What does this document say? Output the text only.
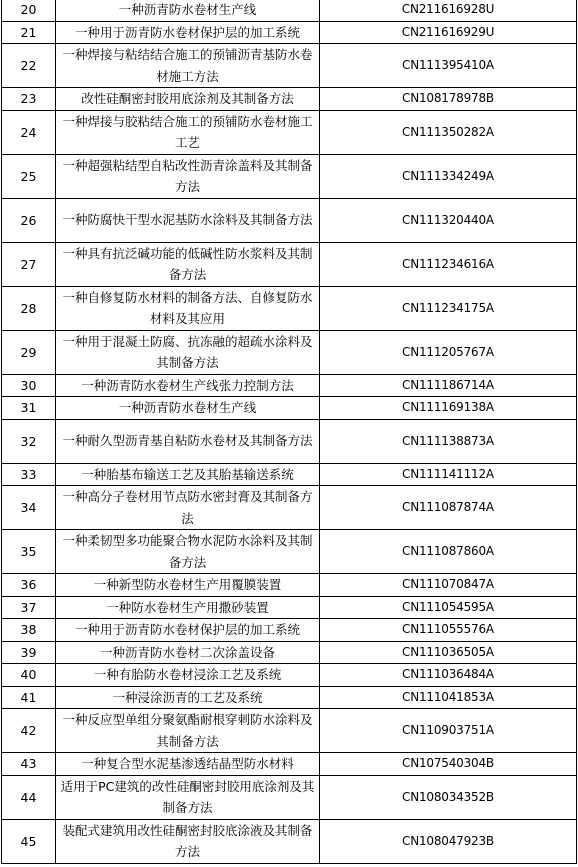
20	一种沥青防水卷材生产线	CN211616928U
21	一种用于沥青防水卷材保护层的加工系统	CN211616929U
22	一种焊接与粘结结合施工的预铺沥青基防水卷材施工方法	CN111395410A
23	改性硅酮密封胶用底涂剂及其制备方法	CN108178978B
24	一种焊接与胶粘结合施工的预铺防水卷材施工工艺	CN111350282A
25	一种超强粘结型自粘改性沥青涂盖料及其制备方法	CN111334249A
26	一种防腐快干型水泥基防水涂料及其制备方法	CN111320440A
27	一种具有抗泛碱功能的低碱性防水浆料及其制备方法	CN111234616A
28	一种自修复防水材料的制备方法、自修复防水材料及其应用	CN111234175A
29	一种用于混凝土防腐、抗冻融的超疏水涂料及其制备方法	CN111205767A
30	一种沥青防水卷材生产线张力控制方法	CN111186714A
31	一种沥青防水卷材生产线	CN111169138A
32	一种耐久型沥青基自粘防水卷材及其制备方法	CN111138873A
33	一种胎基布输送工艺及其胎基输送系统	CN111141112A
34	一种高分子卷材用节点防水密封膏及其制备方法	CN111087874A
35	一种柔韧型多功能聚合物水泥防水涂料及其制备方法	CN111087860A
36	一种新型防水卷材生产用覆膜装置	CN111070847A
37	一种防水卷材生产用撒砂装置	CN111054595A
38	一种用于沥青防水卷材保护层的加工系统	CN111055576A
39	一种沥青防水卷材二次涂盖设备	CN111036505A
40	一种有胎防水卷材浸涂工艺及系统	CN111036484A
41	一种浸涂沥青的工艺及系统	CN111041853A
42	一种反应型单组分聚氨酯耐根穿刺防水涂料及其制备方法	CN110903751A
43	一种复合型水泥基渗透结晶型防水材料	CN107540304B
44	适用于PC建筑的改性硅酮密封胶用底涂剂及其制备方法	CN108034352B
45	装配式建筑用改性硅酮密封胶底涂液及其制备方法	CN108047923B
